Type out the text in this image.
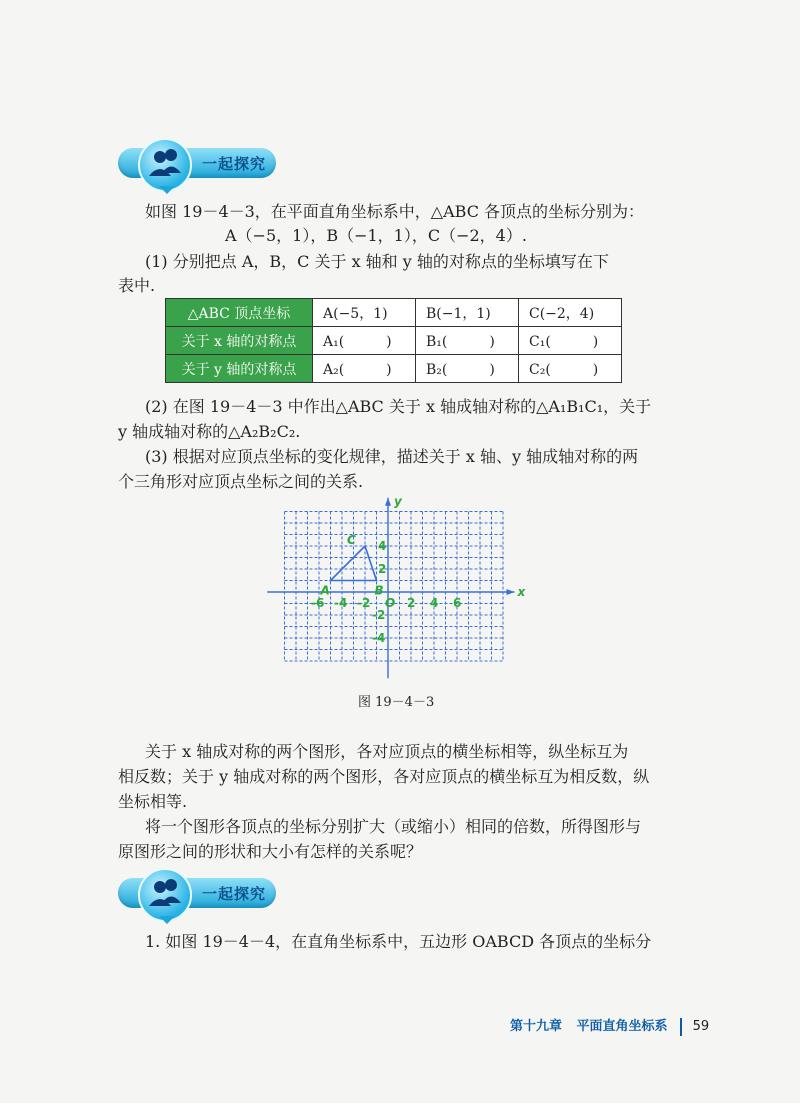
一起探究
如图 19－4－3，在平面直角坐标系中，△ABC 各顶点的坐标分别为：
A（−5，1），B（−1，1），C（−2，4）.
(1) 分别把点 A，B，C 关于 x 轴和 y 轴的对称点的坐标填写在下
表中.
△ABC 顶点坐标	A(−5，1)	B(−1，1)	C(−2，4)
关于 x 轴的对称点	A₁(　　　)	B₁(　　　)	C₁(　　　)
关于 y 轴的对称点	A₂(　　　)	B₂(　　　)	C₂(　　　)
(2) 在图 19－4－3 中作出△ABC 关于 x 轴成轴对称的△A₁B₁C₁，关于
y 轴成轴对称的△A₂B₂C₂.
(3) 根据对应顶点坐标的变化规律，描述关于 x 轴、y 轴成轴对称的两
个三角形对应顶点坐标之间的关系.
-6 -4 -2	2 4 6
4
2
-2
-4
O
x
y
A	B
C
图 19－4－3
关于 x 轴成对称的两个图形，各对应顶点的横坐标相等，纵坐标互为
相反数；关于 y 轴成对称的两个图形，各对应顶点的横坐标互为相反数，纵
坐标相等.
将一个图形各顶点的坐标分别扩大（或缩小）相同的倍数，所得图形与
原图形之间的形状和大小有怎样的关系呢？
一起探究
1. 如图 19－4－4，在直角坐标系中，五边形 OABCD 各顶点的坐标分
第十九章 平面直角坐标系 59
